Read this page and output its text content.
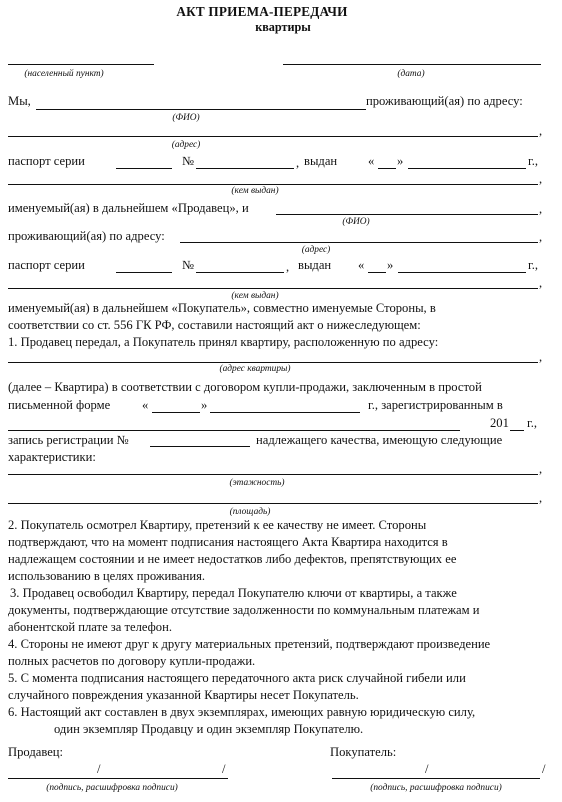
АКТ ПРИЕМА-ПЕРЕДАЧИ
квартиры
(населенный пункт)	(дата)
Мы,	проживающий(ая) по адресу:
(ФИО)
,
(адрес)
паспорт серии	№	, выдан « »	г.,
,
(кем выдан)
именуемый(ая) в дальнейшем «Продавец», и	,
(ФИО)
проживающий(ая) по адресу:	,
(адрес)
паспорт серии	№	, выдан « »	г.,
,
(кем выдан)
именуемый(ая) в дальнейшем «Покупатель», совместно именуемые Стороны, в
соответствии со ст. 556 ГК РФ, составили настоящий акт о нижеследующем:
1. Продавец передал, а Покупатель принял квартиру, расположенную по адресу:
,
(адрес квартиры)
(далее – Квартира) в соответствии с договором купли-продажи, заключенным в простой
письменной форме	«	»	г., зарегистрированным в
201 г.,
запись регистрации №	надлежащего качества, имеющую следующие
характеристики:
,
(этажность)
,
(площадь)
2. Покупатель осмотрел Квартиру, претензий к ее качеству не имеет. Стороны
подтверждают, что на момент подписания настоящего Акта Квартира находится в
надлежащем состоянии и не имеет недостатков либо дефектов, препятствующих ее
использованию в целях проживания.
3. Продавец освободил Квартиру, передал Покупателю ключи от квартиры, а также
документы, подтверждающие отсутствие задолженности по коммунальным платежам и
абонентской плате за телефон.
4. Стороны не имеют друг к другу материальных претензий, подтверждают произведение
полных расчетов по договору купли-продажи.
5. С момента подписания настоящего передаточного акта риск случайной гибели или
случайного повреждения указанной Квартиры несет Покупатель.
6. Настоящий акт составлен в двух экземплярах, имеющих равную юридическую силу,
один экземпляр Продавцу и один экземпляр Покупателю.
Продавец:	Покупатель:
/	/	/	/
(подпись, расшифровка подписи)	(подпись, расшифровка подписи)
